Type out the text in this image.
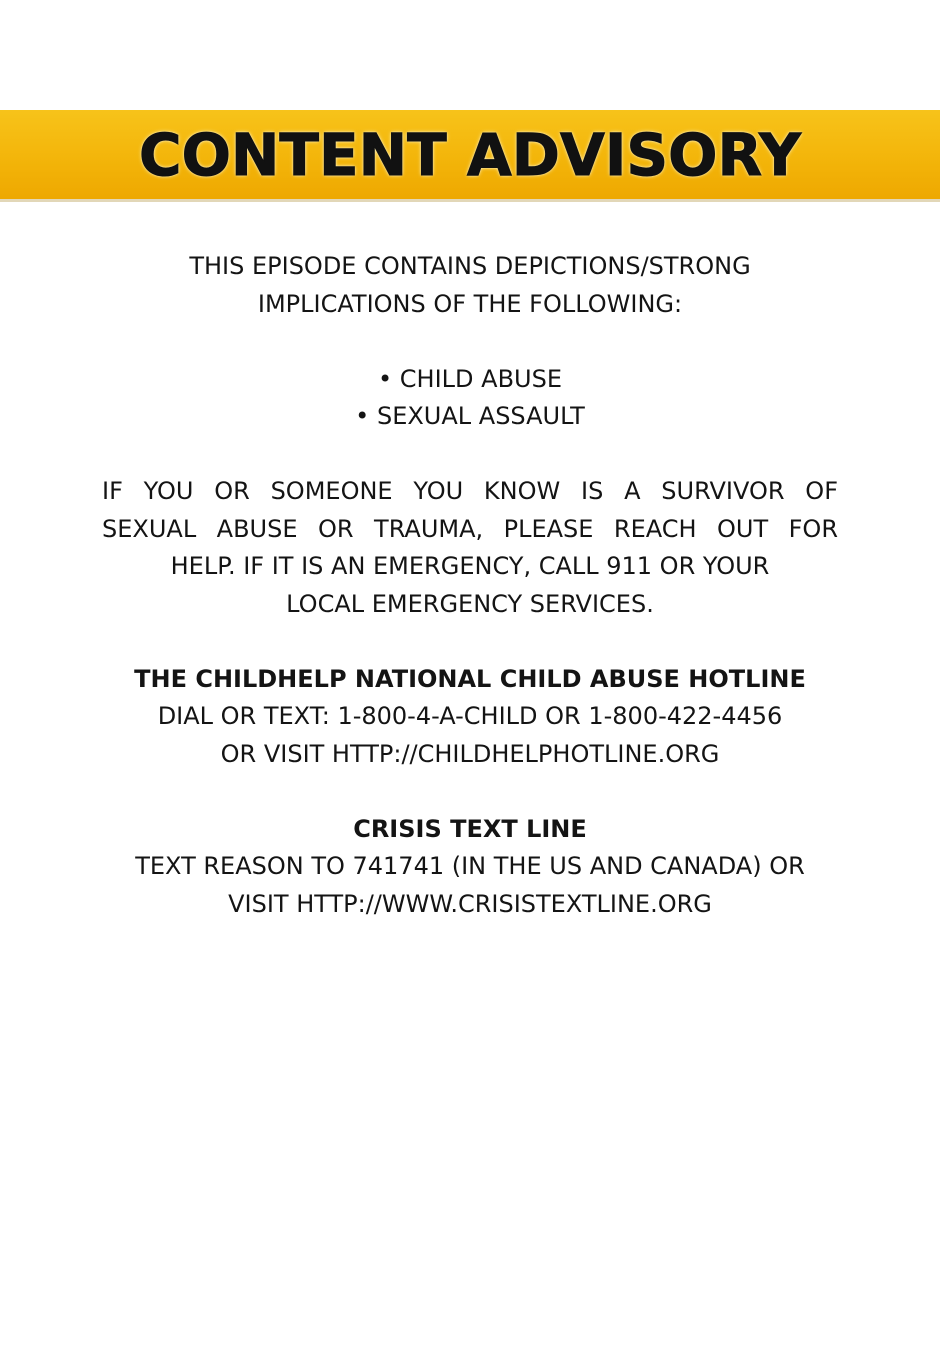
CONTENT ADVISORY

THIS EPISODE CONTAINS DEPICTIONS/STRONG

IMPLICATIONS OF THE FOLLOWING:

• CHILD ABUSE

• SEXUAL ASSAULT

IF YOU OR SOMEONE YOU KNOW IS A SURVIVOR OF
SEXUAL ABUSE OR TRAUMA, PLEASE REACH OUT FOR
HELP. IF IT IS AN EMERGENCY, CALL 911 OR YOUR
LOCAL EMERGENCY SERVICES.

THE CHILDHELP NATIONAL CHILD ABUSE HOTLINE

DIAL OR TEXT: 1-800-4-A-CHILD OR 1-800-422-4456

OR VISIT HTTP://CHILDHELPHOTLINE.ORG

CRISIS TEXT LINE

TEXT REASON TO 741741 (IN THE US AND CANADA) OR

VISIT HTTP://WWW.CRISISTEXTLINE.ORG
